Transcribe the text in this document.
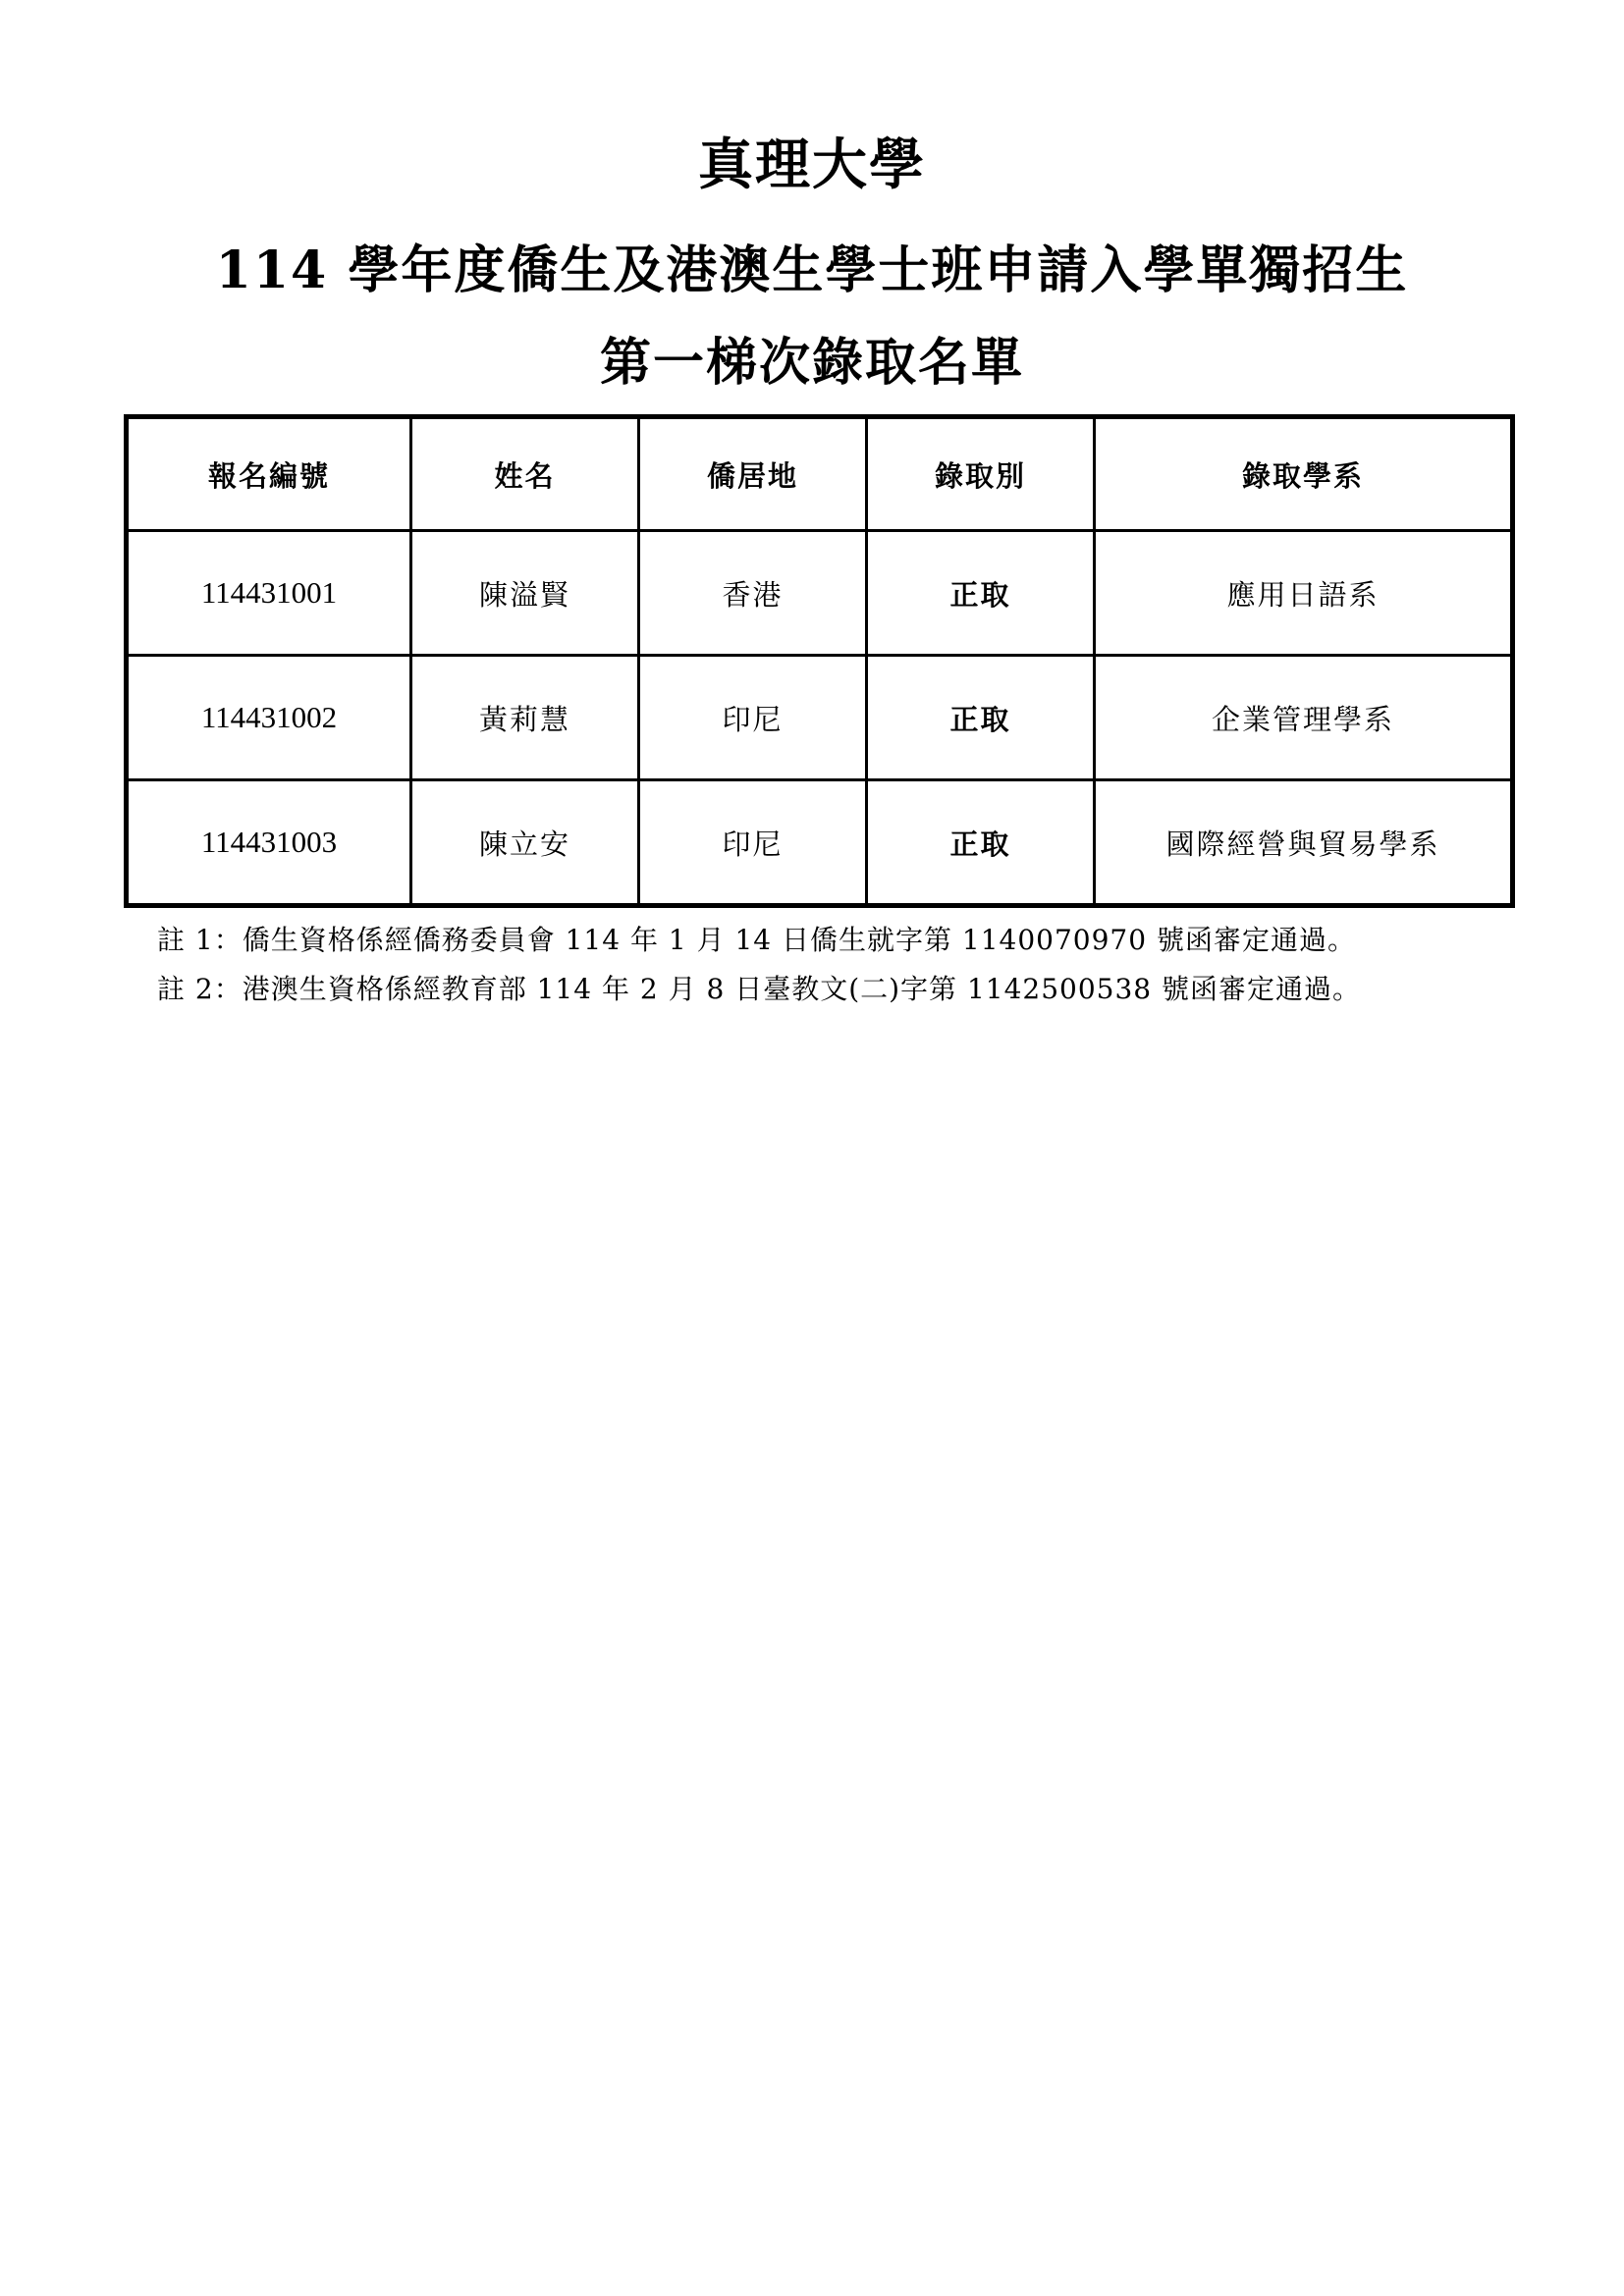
真理大學
114 學年度僑生及港澳生學士班申請入學單獨招生
第一梯次錄取名單
報名編號	姓名	僑居地	錄取別	錄取學系
114431001	陳溢賢	香港	正取	應用日語系
114431002	黃莉慧	印尼	正取	企業管理學系
114431003	陳立安	印尼	正取	國際經營與貿易學系
註 1：僑生資格係經僑務委員會 114 年 1 月 14 日僑生就字第 1140070970 號函審定通過。
註 2：港澳生資格係經教育部 114 年 2 月 8 日臺教文(二)字第 1142500538 號函審定通過。
